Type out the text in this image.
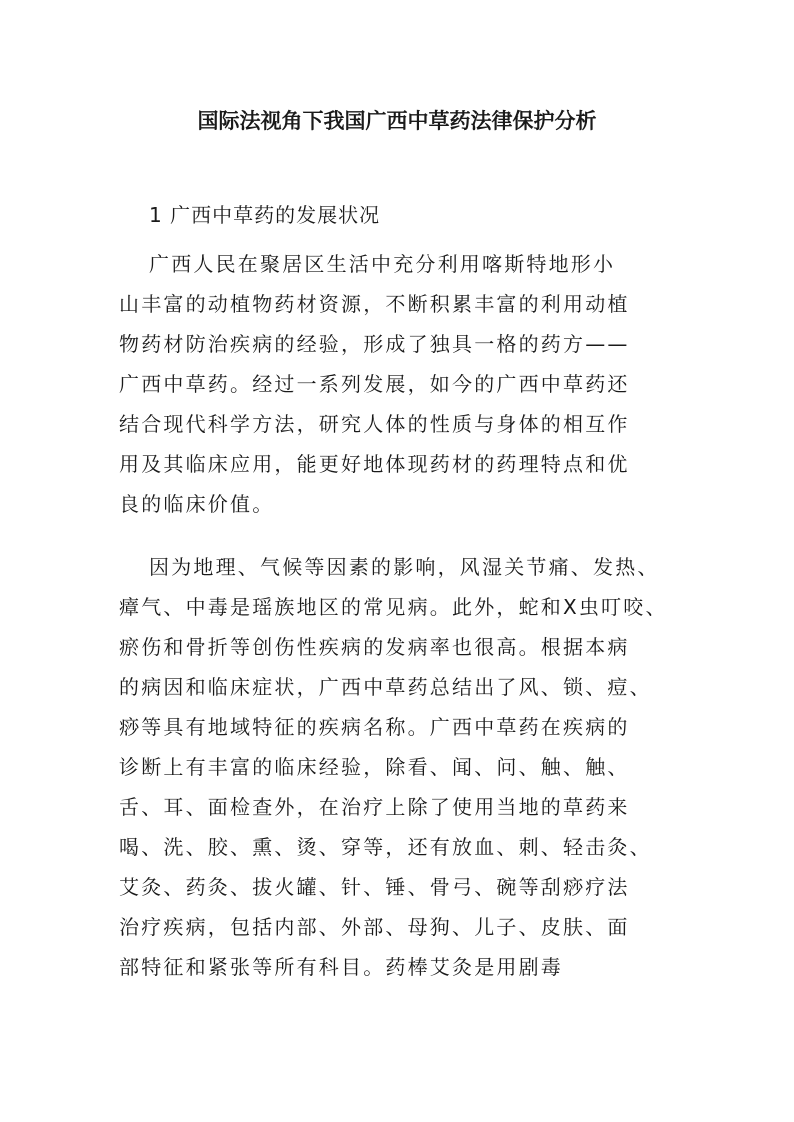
国际法视角下我国广西中草药法律保护分析
1 广西中草药的发展状况
广西人民在聚居区生活中充分利用喀斯特地形小
山丰富的动植物药材资源，不断积累丰富的利用动植
物药材防治疾病的经验，形成了独具一格的药方——
广西中草药。经过一系列发展，如今的广西中草药还
结合现代科学方法，研究人体的性质与身体的相互作
用及其临床应用，能更好地体现药材的药理特点和优
良的临床价值。
因为地理、气候等因素的影响，风湿关节痛、发热、
瘴气、中毒是瑶族地区的常见病。此外，蛇和X虫叮咬、
瘀伤和骨折等创伤性疾病的发病率也很高。根据本病
的病因和临床症状，广西中草药总结出了风、锁、痘、
痧等具有地域特征的疾病名称。广西中草药在疾病的
诊断上有丰富的临床经验，除看、闻、问、触、触、
舌、耳、面检查外，在治疗上除了使用当地的草药来
喝、洗、胶、熏、烫、穿等，还有放血、刺、轻击灸、
艾灸、药灸、拔火罐、针、锤、骨弓、碗等刮痧疗法
治疗疾病，包括内部、外部、母狗、儿子、皮肤、面
部特征和紧张等所有科目。药棒艾灸是用剧毒
